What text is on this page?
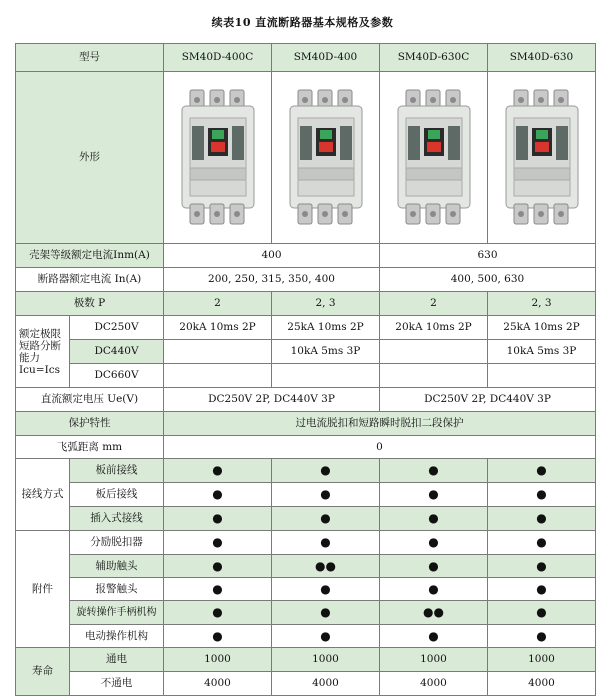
续表10 直流断路器基本规格及参数
型号		SM40D-400C	SM40D-400	SM40D-630C	SM40D-630
外形	

壳架等级额定电流Inm(A)		400		630	
断路器额定电流 In(A)		200, 250, 315, 350, 400		400, 500, 630	
极数 P		2	2, 3	2	2, 3
额定极限短路分断能力Icu=Ics	DC250V	20kA 10ms 2P	25kA 10ms 2P	20kA 10ms 2P	25kA 10ms 2P
	DC440V		10kA 5ms 3P		10kA 5ms 3P
	DC660V				
直流额定电压 Ue(V)		DC250V 2P, DC440V 3P		DC250V 2P, DC440V 3P	
保护特性		过电流脱扣和短路瞬时脱扣二段保护			
飞弧距离 mm		0			
接线方式	板前接线	●	●	●	●
	板后接线	●	●	●	●
	插入式接线	●	●	●	●
附件	分励脱扣器	●	●	●	●
	辅助触头	●	●●	●	●
	报警触头	●	●	●	●
	旋转操作手柄机构	●	●	●●	●
	电动操作机构	●	●	●	●
寿命	通电	1000	1000	1000	1000
	不通电	4000	4000	4000	4000
